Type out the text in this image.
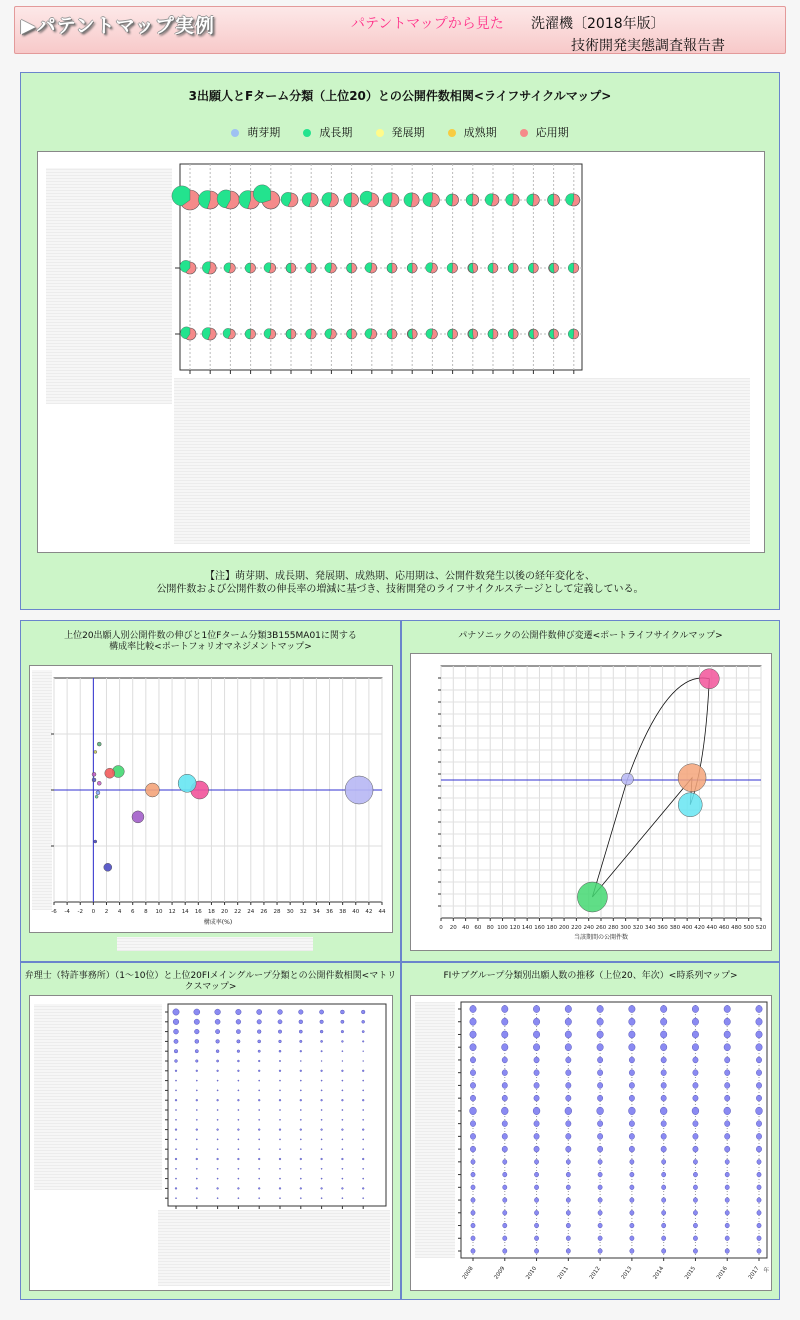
▶パテントマップ実例	パテントマップから見た 洗濯機〔2018年版〕
技術開発実態調査報告書
3出願人とFターム分類（上位20）との公開件数相関<ライフサイクルマップ>
萌芽期	成長期	発展期	成熟期	応用期
【注】萌芽期、成長期、発展期、成熟期、応用期は、公開件数発生以後の経年変化を、
公開件数および公開件数の伸長率の増減に基づき、技術開発のライフサイクルステージとして定義している。
上位20出願人別公開件数の伸びと1位Fターム分類3B155MA01に関する
構成率比較<ポートフォリオマネジメントマップ>
-6 -4 -2 0 2 4 6 8 10 12 14 16 18 20 22 24 26 28 30 32 34 36 38 40 42 44
構成率(%)
パナソニックの公開件数伸び変遷<ポートライフサイクルマップ>
0 20 40 60 80 100 120 140 160 180 200 220 240 260 280 300 320 340 360 380 400 420 440 460 480 500 520
当該期間の公開件数
弁理士（特許事務所）（1～10位）と上位20FIメイングループ分類との公開件数相関<マトリクスマップ>
FIサブグループ分類別出願人数の推移（上位20、年次）<時系列マップ>
2008	2009	2010	2011	2012	2013	2014	2015	2016	2017 年
